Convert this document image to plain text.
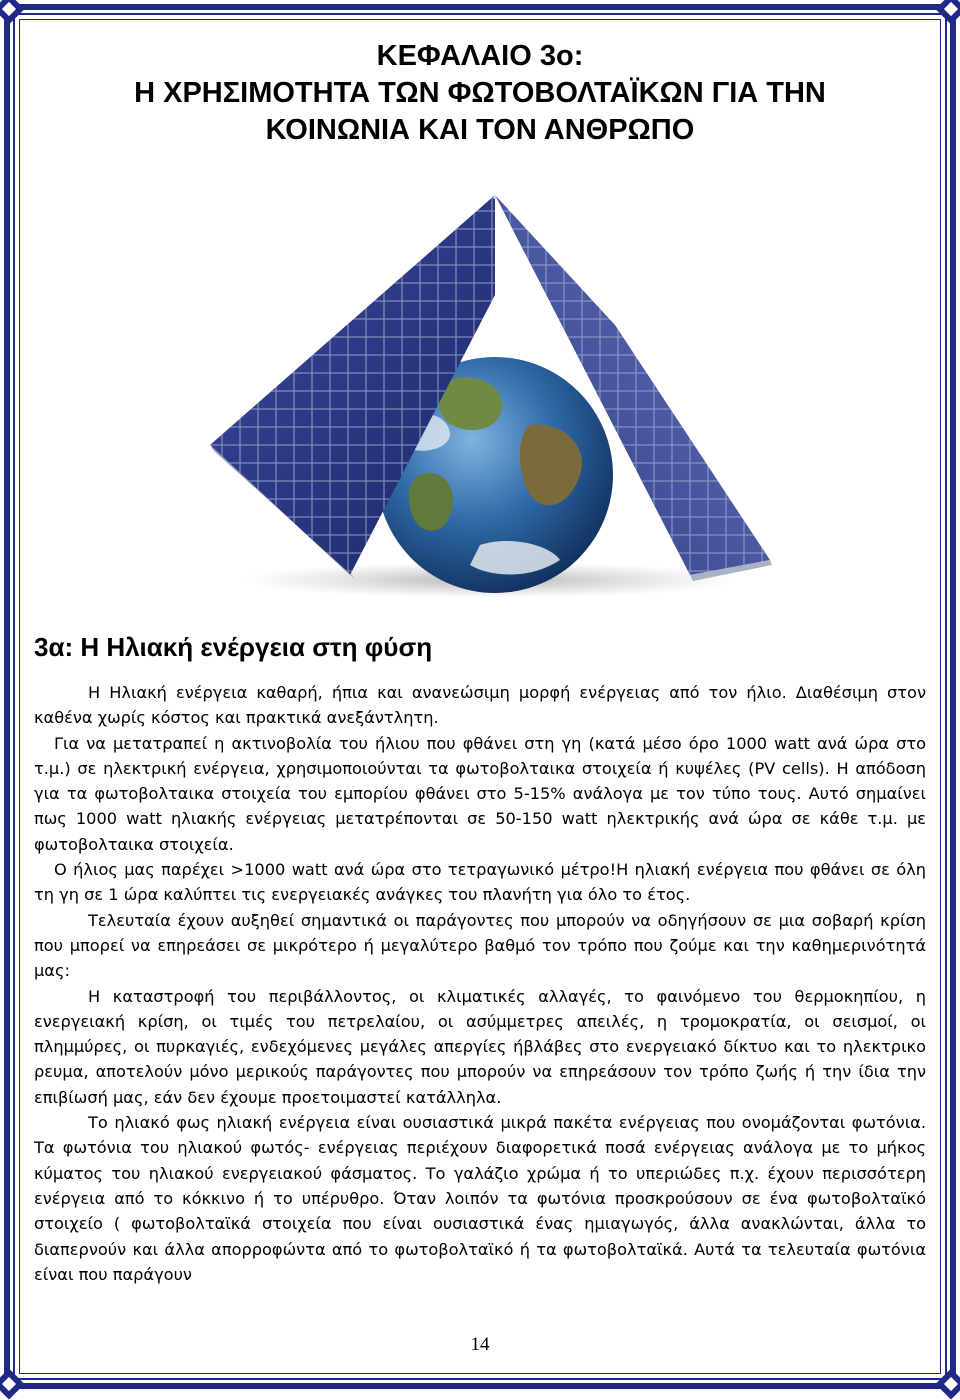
ΚΕΦΑΛΑΙΟ 3ο:
Η ΧΡΗΣΙΜΟΤΗΤΑ ΤΩΝ ΦΩΤΟΒΟΛΤΑΪΚΩΝ ΓΙΑ ΤΗΝ
ΚΟΙΝΩΝΙΑ ΚΑΙ ΤΟΝ ΑΝΘΡΩΠΟ
3α: Η Ηλιακή ενέργεια στη φύση

Η Ηλιακή ενέργεια καθαρή, ήπια και ανανεώσιμη μορφή ενέργειας από τον ήλιο. Διαθέσιμη στον καθένα χωρίς κόστος και πρακτικά ανεξάντλητη.

Για να μετατραπεί η ακτινοβολία του ήλιου που φθάνει στη γη (κατά μέσο όρο 1000 watt ανά ώρα στο τ.μ.) σε ηλεκτρική ενέργεια, χρησιμοποιούνται τα φωτοβολταικα στοιχεία ή κυψέλες (PV cells). Η απόδοση για τα φωτοβολταικα στοιχεία του εμπορίου φθάνει στο 5-15% ανάλογα με τον τύπο τους. Αυτό σημαίνει πως 1000 watt ηλιακής ενέργειας μετατρέπονται σε 50-150 watt ηλεκτρικής ανά ώρα σε κάθε τ.μ. με φωτοβολταικα στοιχεία.

Ο ήλιος μας παρέχει >1000 watt ανά ώρα στο τετραγωνικό μέτρο!Η ηλιακή ενέργεια που φθάνει σε όλη τη γη σε 1 ώρα καλύπτει τις ενεργειακές ανάγκες του πλανήτη για όλο το έτος.

Τελευταία έχουν αυξηθεί σημαντικά οι παράγοντες που μπορούν να οδηγήσουν σε μια σοβαρή κρίση που μπορεί να επηρεάσει σε μικρότερο ή μεγαλύτερο βαθμό τον τρόπο που ζούμε και την καθημερινότητά μας:

Η καταστροφή του περιβάλλοντος, οι κλιματικές αλλαγές, το φαινόμενο του θερμοκηπίου, η ενεργειακή κρίση, οι τιμές του πετρελαίου, οι ασύμμετρες απειλές, η τρομοκρατία, οι σεισμοί, οι πλημμύρες, οι πυρκαγιές, ενδεχόμενες μεγάλες απεργίες ήβλάβες στο ενεργειακό δίκτυο και το ηλεκτρικο ρευμα, αποτελούν μόνο μερικούς παράγοντες που μπορούν να επηρεάσουν τον τρόπο ζωής ή την ίδια την επιβίωσή μας, εάν δεν έχουμε προετοιμαστεί κατάλληλα.

Το ηλιακό φως ηλιακή ενέργεια είναι ουσιαστικά μικρά πακέτα ενέργειας που ονομάζονται φωτόνια. Τα φωτόνια του ηλιακού φωτός- ενέργειας περιέχουν διαφορετικά ποσά ενέργειας ανάλογα με το μήκος κύματος του ηλιακού ενεργειακού φάσματος. Το γαλάζιο χρώμα ή το υπεριώδες π.χ. έχουν περισσότερη ενέργεια από το κόκκινο ή το υπέρυθρο. Όταν λοιπόν τα φωτόνια προσκρούσουν σε ένα φωτοβολταϊκό στοιχείο ( φωτοβολταϊκά στοιχεία που είναι ουσιαστικά ένας ημιαγωγός, άλλα ανακλώνται, άλλα το διαπερνούν και άλλα απορροφώντα από το φωτοβολταϊκό ή τα φωτοβολταϊκά. Αυτά τα τελευταία φωτόνια είναι που παράγουν

14
